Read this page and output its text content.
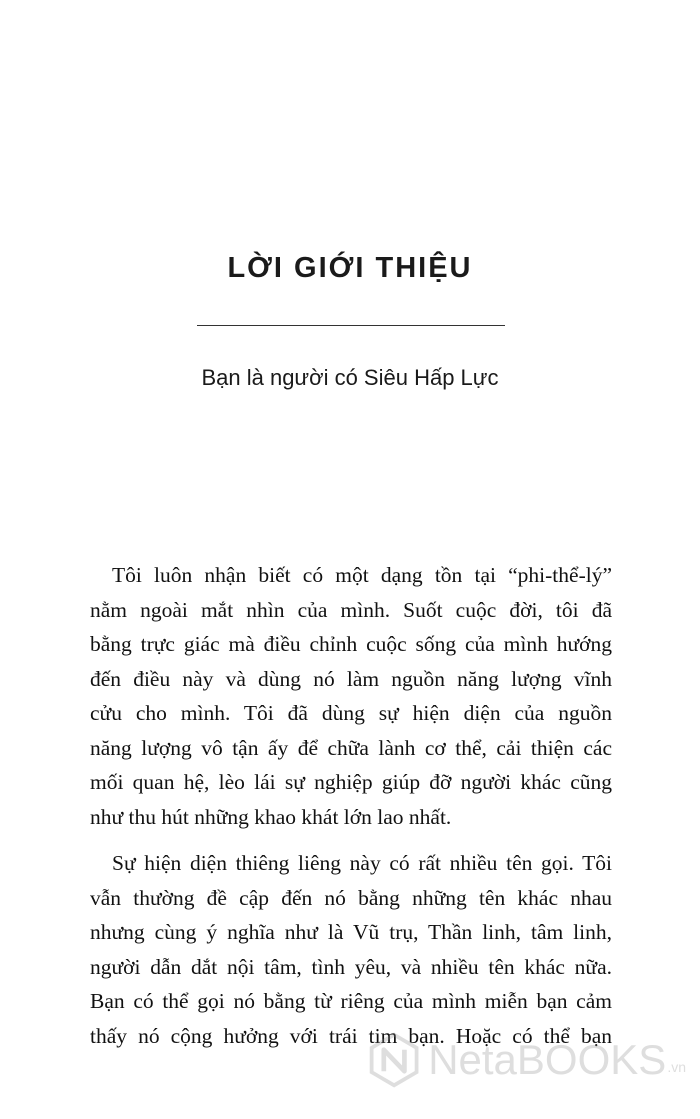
LỜI GIỚI THIỆU
Bạn là người có Siêu Hấp Lực
Tôi luôn nhận biết có một dạng tồn tại “phi-thể-lý”
nằm ngoài mắt nhìn của mình. Suốt cuộc đời, tôi đã
bằng trực giác mà điều chỉnh cuộc sống của mình hướng
đến điều này và dùng nó làm nguồn năng lượng vĩnh
cửu cho mình. Tôi đã dùng sự hiện diện của nguồn
năng lượng vô tận ấy để chữa lành cơ thể, cải thiện các
mối quan hệ, lèo lái sự nghiệp giúp đỡ người khác cũng
như thu hút những khao khát lớn lao nhất.
Sự hiện diện thiêng liêng này có rất nhiều tên gọi. Tôi
vẫn thường đề cập đến nó bằng những tên khác nhau
nhưng cùng ý nghĩa như là Vũ trụ, Thần linh, tâm linh,
người dẫn dắt nội tâm, tình yêu, và nhiều tên khác nữa.
Bạn có thể gọi nó bằng từ riêng của mình miễn bạn cảm
thấy nó cộng hưởng với trái tim bạn. Hoặc có thể bạn
NetaBOOKS .vn
